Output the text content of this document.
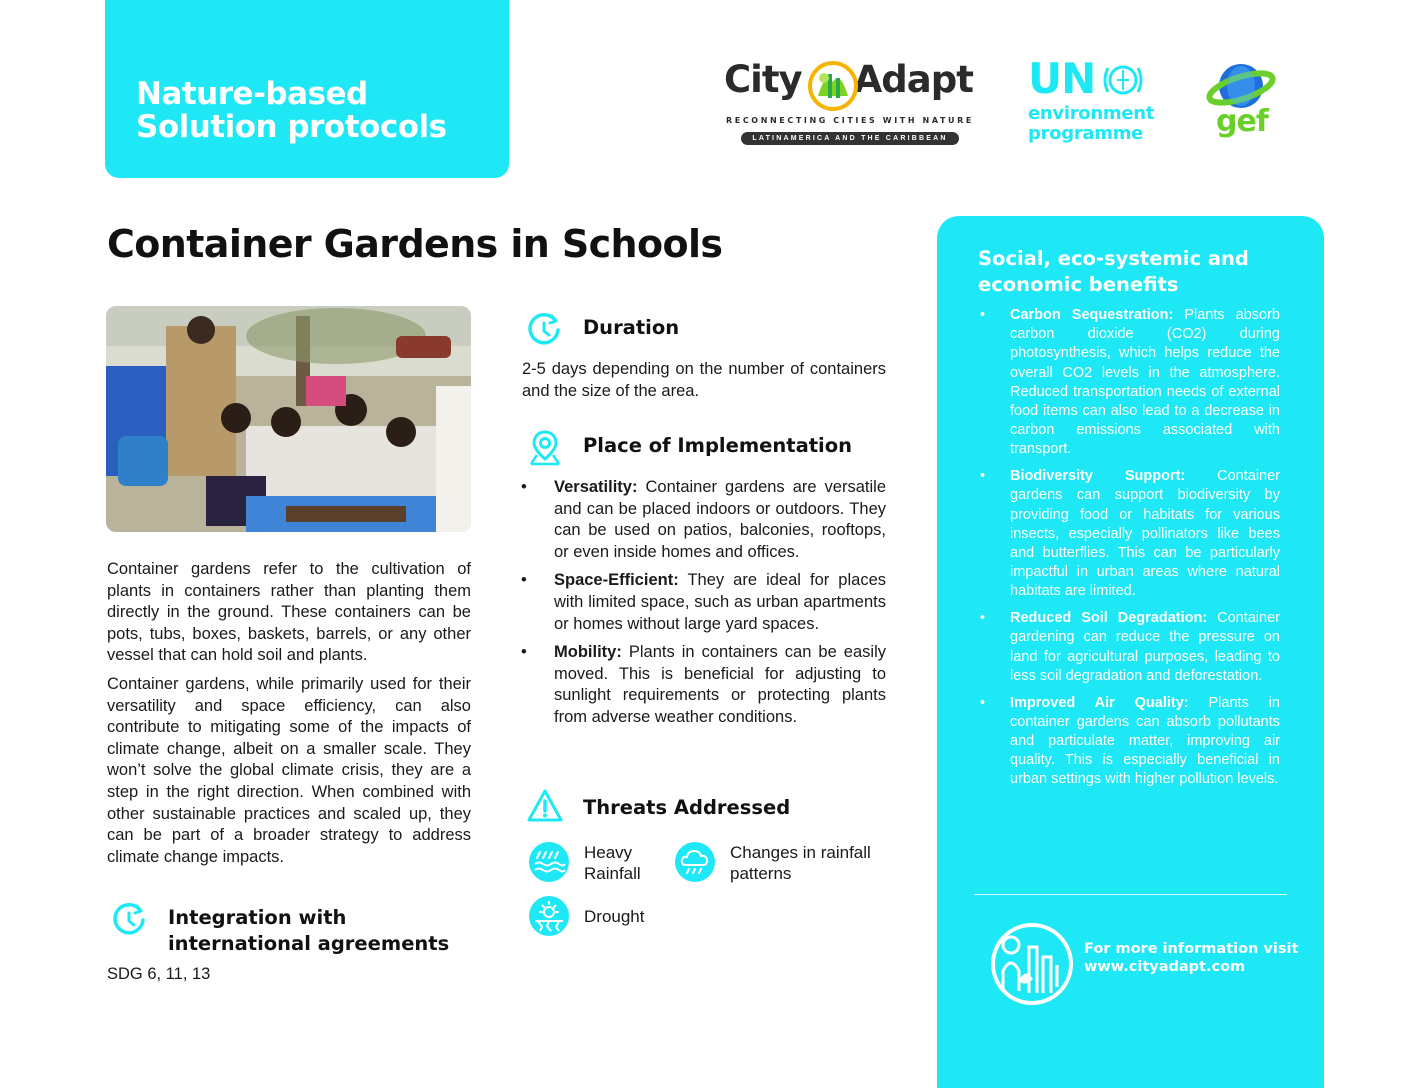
Nature-based
Solution protocols
City Adapt
RECONNECTING CITIES WITH NATURE
LATINAMERICA AND THE CARIBBEAN
UN
environment
programme gef
Container Gardens in Schools

Container gardens refer to the cultivation of plants in containers rather than planting them directly in the ground. These containers can be pots, tubs, boxes, baskets, barrels, or any other vessel that can hold soil and plants.

Container gardens, while primarily used for their versatility and space efficiency, can also contribute to mitigating some of the impacts of climate change, albeit on a smaller scale. They won’t solve the global climate crisis, they are a step in the right direction. When combined with other sustainable practices and scaled up, they can be part of a broader strategy to address climate change impacts.

Integration with
international agreements
SDG 6, 11, 13
Duration

2-5 days depending on the number of containers and the size of the area.

Place of Implementation
• Versatility: Container gardens are versatile and can be placed indoors or outdoors. They can be used on patios, balconies, rooftops, or even inside homes and offices.
• Space-Efficient: They are ideal for places with limited space, such as urban apartments or homes without large yard spaces.
• Mobility: Plants in containers can be easily moved. This is beneficial for adjusting to sunlight requirements or protecting plants from adverse weather conditions.
Threats Addressed
Heavy
Rainfall
Changes in rainfall
patterns
Drought
Social, eco-systemic and economic benefits
• Carbon Sequestration: Plants absorb carbon dioxide (CO2) during photosynthesis, which helps reduce the overall CO2 levels in the atmosphere. Reduced transportation needs of external food items can also lead to a decrease in carbon emissions associated with transport.
• Biodiversity Support: Container gardens can support biodiversity by providing food or habitats for various insects, especially pollinators like bees and butterflies. This can be particularly impactful in urban areas where natural habitats are limited.
• Reduced Soil Degradation: Container gardening can reduce the pressure on land for agricultural purposes, leading to less soil degradation and deforestation.
• Improved Air Quality: Plants in container gardens can absorb pollutants and particulate matter, improving air quality. This is especially beneficial in urban settings with higher pollution levels.
For more information visit
www.cityadapt.com
